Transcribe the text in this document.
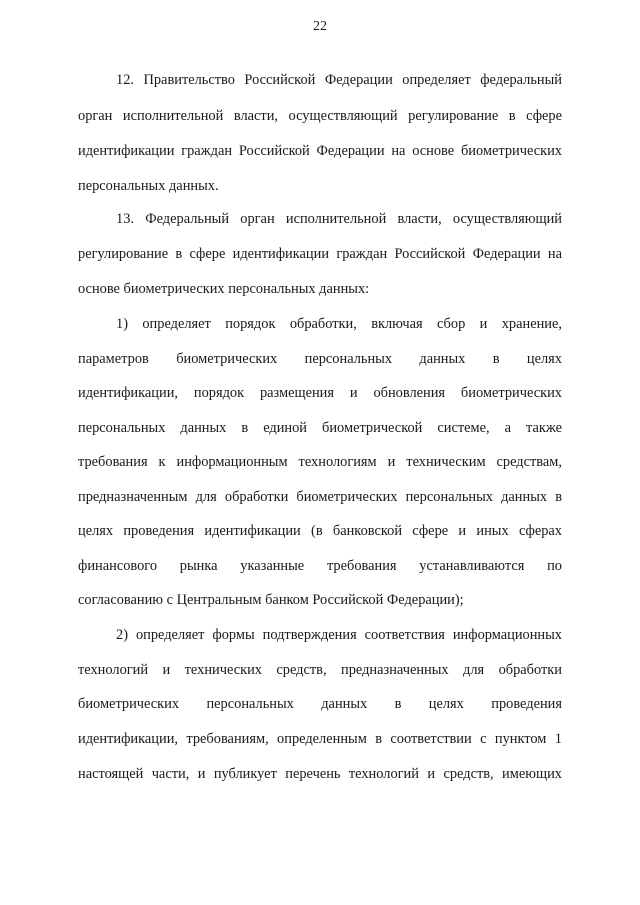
22
12. Правительство Российской Федерации определяет федеральный
орган исполнительной власти, осуществляющий регулирование в сфере
идентификации граждан Российской Федерации на основе биометрических
персональных данных.
13. Федеральный орган исполнительной власти, осуществляющий
регулирование в сфере идентификации граждан Российской Федерации на
основе биометрических персональных данных:
1) определяет порядок обработки, включая сбор и хранение,
параметров биометрических персональных данных в целях
идентификации, порядок размещения и обновления биометрических
персональных данных в единой биометрической системе, а также
требования к информационным технологиям и техническим средствам,
предназначенным для обработки биометрических персональных данных в
целях проведения идентификации (в банковской сфере и иных сферах
финансового рынка указанные требования устанавливаются по
согласованию с Центральным банком Российской Федерации);
2) определяет формы подтверждения соответствия информационных
технологий и технических средств, предназначенных для обработки
биометрических персональных данных в целях проведения
идентификации, требованиям, определенным в соответствии с пунктом 1
настоящей части, и публикует перечень технологий и средств, имеющих
